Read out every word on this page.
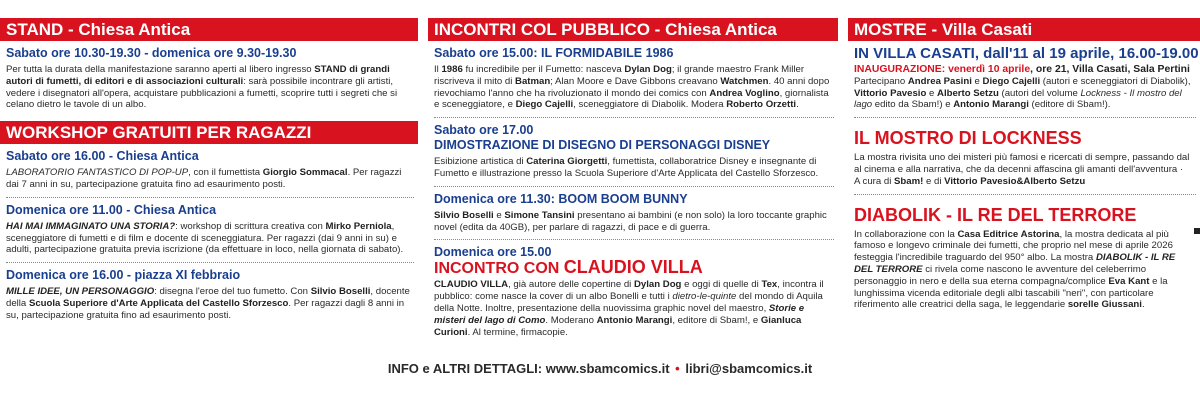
STAND - Chiesa Antica
Sabato ore 10.30-19.30 - domenica ore 9.30-19.30

Per tutta la durata della manifestazione saranno aperti al libero ingresso STAND di grandi autori di fumetti, di editori e di associazioni culturali: sarà possibile incontrare gli artisti, vedere i disegnatori all'opera, acquistare pubblicazioni a fumetti, scoprire tutti i segreti che si celano dietro le tavole di un albo.

WORKSHOP GRATUITI PER RAGAZZI
Sabato ore 16.00 - Chiesa Antica

LABORATORIO FANTASTICO DI POP-UP, con il fumettista Giorgio Sommacal. Per ragazzi dai 7 anni in su, partecipazione gratuita fino ad esaurimento posti.

Domenica ore 11.00 - Chiesa Antica

HAI MAI IMMAGINATO UNA STORIA?: workshop di scrittura creativa con Mirko Perniola, sceneggiatore di fumetti e di film e docente di sceneggiatura. Per ragazzi (dai 9 anni in su) e adulti, partecipazione gratuita previa iscrizione (da effettuare in loco, nella giornata di sabato).

Domenica ore 16.00 - piazza XI febbraio

MILLE IDEE, UN PERSONAGGIO: disegna l'eroe del tuo fumetto. Con Silvio Boselli, docente della Scuola Superiore d'Arte Applicata del Castello Sforzesco. Per ragazzi dagli 8 anni in su, partecipazione gratuita fino ad esaurimento posti.

INCONTRI COL PUBBLICO - Chiesa Antica
Sabato ore 15.00: IL FORMIDABILE 1986

Il 1986 fu incredibile per il Fumetto: nasceva Dylan Dog; il grande maestro Frank Miller riscriveva il mito di Batman; Alan Moore e Dave Gibbons creavano Watchmen. 40 anni dopo rievochiamo l'anno che ha rivoluzionato il mondo dei comics con Andrea Voglino, giornalista e sceneggiatore, e Diego Cajelli, sceneggiatore di Diabolik. Modera Roberto Orzetti.

Sabato ore 17.00
DIMOSTRAZIONE DI DISEGNO DI PERSONAGGI DISNEY

Esibizione artistica di Caterina Giorgetti, fumettista, collaboratrice Disney e insegnante di Fumetto e illustrazione presso la Scuola Superiore d'Arte Applicata del Castello Sforzesco.

Domenica ore 11.30: BOOM BOOM BUNNY

Silvio Boselli e Simone Tansini presentano ai bambini (e non solo) la loro toccante graphic novel (edita da 40GB), per parlare di ragazzi, di pace e di guerra.

Domenica ore 15.00
INCONTRO CON CLAUDIO VILLA

CLAUDIO VILLA, già autore delle copertine di Dylan Dog e oggi di quelle di Tex, incontra il pubblico: come nasce la cover di un albo Bonelli e tutti i dietro-le-quinte del mondo di Aquila della Notte. Inoltre, presentazione della nuovissima graphic novel del maestro, Storie e misteri del lago di Como. Moderano Antonio Marangi, editore di Sbam!, e Gianluca Curioni. Al termine, firmacopie.

MOSTRE - Villa Casati
IN VILLA CASATI, dall'11 al 19 aprile, 16.00-19.00

INAUGURAZIONE: venerdì 10 aprile, ore 21, Villa Casati, Sala Pertini

Partecipano Andrea Pasini e Diego Cajelli (autori e sceneggiatori di Diabolik), Vittorio Pavesio e Alberto Setzu (autori del volume Lockness - Il mostro del lago edito da Sbam!) e Antonio Marangi (editore di Sbam!).

IL MOSTRO DI LOCKNESS

La mostra rivisita uno dei misteri più famosi e ricercati di sempre, passando dal al cinema e alla narrativa, che da decenni affascina gli amanti dell'avventura ·

A cura di Sbam! e di Vittorio Pavesio&Alberto Setzu

DIABOLIK - IL RE DEL TERRORE

In collaborazione con la Casa Editrice Astorina, la mostra dedicata al più famoso e longevo criminale dei fumetti, che proprio nel mese di aprile 2026 festeggia l'incredibile traguardo del 950° albo. La mostra DIABOLIK - IL RE DEL TERRORE ci rivela come nascono le avventure del celeberrimo personaggio in nero e della sua eterna compagna/complice Eva Kant e la lunghissima vicenda editoriale degli albi tascabili "neri", con particolare riferimento alle creatrici della saga, le leggendarie sorelle Giussani.

INFO e ALTRI DETTAGLI: www.sbamcomics.it • libri@sbamcomics.it
